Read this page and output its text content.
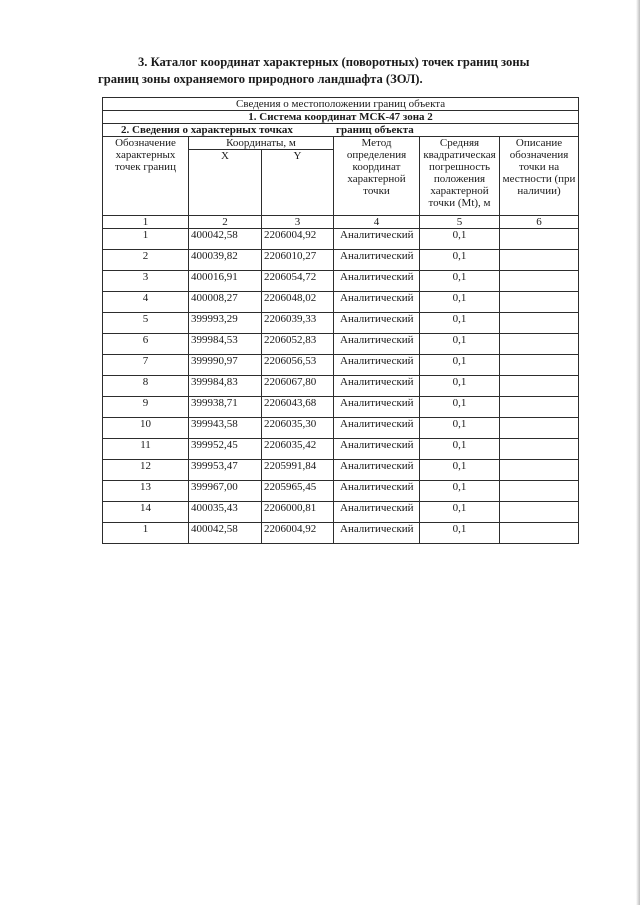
3. Каталог координат характерных (поворотных) точек границ зоны
границ зоны охраняемого природного ландшафта (ЗОЛ).
Сведения о местоположении границ объекта					
1. Система координат МСК-47 зона 2					
2. Сведения о характерных точках границ объекта					
Обозначение характерных точек границ	Координаты, м		Метод определения координат характерной точки	Средняя квадратическая погрешность положения характерной точки (Mt), м	Описание обозначения точки на местности (при наличии)
	X	Y			
1	2	3	4	5	6
1	400042,58	2206004,92	Аналитический	0,1	
2	400039,82	2206010,27	Аналитический	0,1	
3	400016,91	2206054,72	Аналитический	0,1	
4	400008,27	2206048,02	Аналитический	0,1	
5	399993,29	2206039,33	Аналитический	0,1	
6	399984,53	2206052,83	Аналитический	0,1	
7	399990,97	2206056,53	Аналитический	0,1	
8	399984,83	2206067,80	Аналитический	0,1	
9	399938,71	2206043,68	Аналитический	0,1	
10	399943,58	2206035,30	Аналитический	0,1	
11	399952,45	2206035,42	Аналитический	0,1	
12	399953,47	2205991,84	Аналитический	0,1	
13	399967,00	2205965,45	Аналитический	0,1	
14	400035,43	2206000,81	Аналитический	0,1	
1	400042,58	2206004,92	Аналитический	0,1	
